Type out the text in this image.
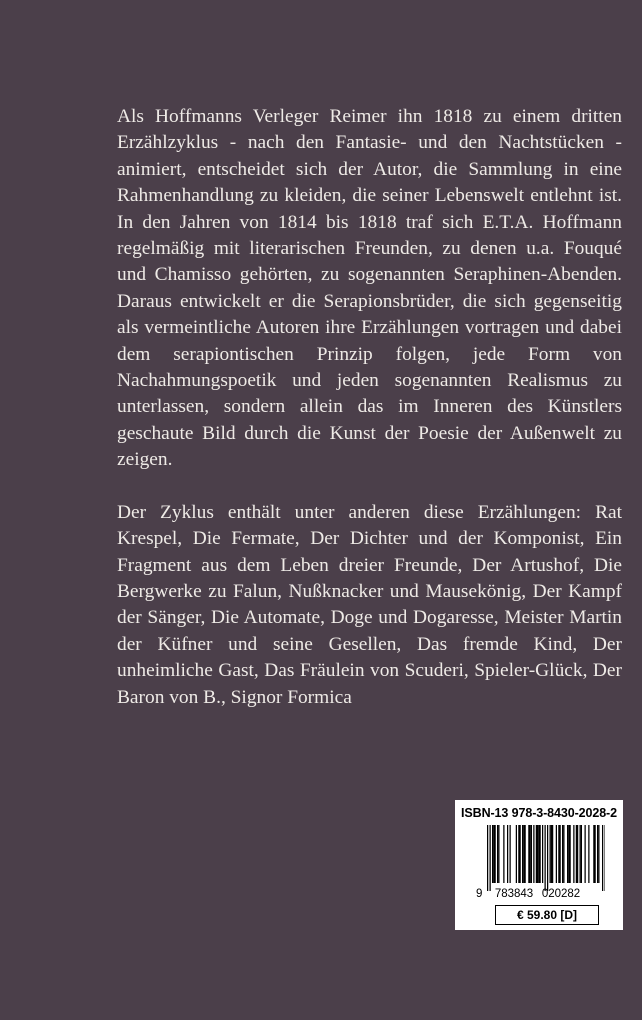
Als Hoffmanns Verleger Reimer ihn 1818 zu einem dritten Erzählzyklus - nach den Fantasie- und den Nachtstücken - animiert, entscheidet sich der Autor, die Sammlung in eine Rahmenhandlung zu kleiden, die seiner Lebenswelt entlehnt ist. In den Jahren von 1814 bis 1818 traf sich E.T.A. Hoffmann regelmäßig mit literarischen Freunden, zu denen u.a. Fouqué und Chamisso gehörten, zu sogenannten Seraphinen-Abenden. Daraus entwickelt er die Serapionsbrüder, die sich gegenseitig als vermeintliche Autoren ihre Erzählungen vortragen und dabei dem serapiontischen Prinzip folgen, jede Form von Nachahmungspoetik und jeden sogenannten Realismus zu unterlassen, sondern allein das im Inneren des Künstlers geschaute Bild durch die Kunst der Poesie der Außenwelt zu zeigen.

Der Zyklus enthält unter anderen diese Erzählungen: Rat Krespel, Die Fermate, Der Dichter und der Komponist, Ein Fragment aus dem Leben dreier Freunde, Der Artushof, Die Bergwerke zu Falun, Nußknacker und Mausekönig, Der Kampf der Sänger, Die Automate, Doge und Dogaresse, Meister Martin der Küfner und seine Gesellen, Das fremde Kind, Der unheimliche Gast, Das Fräulein von Scuderi, Spieler-Glück, Der Baron von B., Signor Formica

ISBN-13 978-3-8430-2028-2
9 783843 020282
€ 59.80 [D]
